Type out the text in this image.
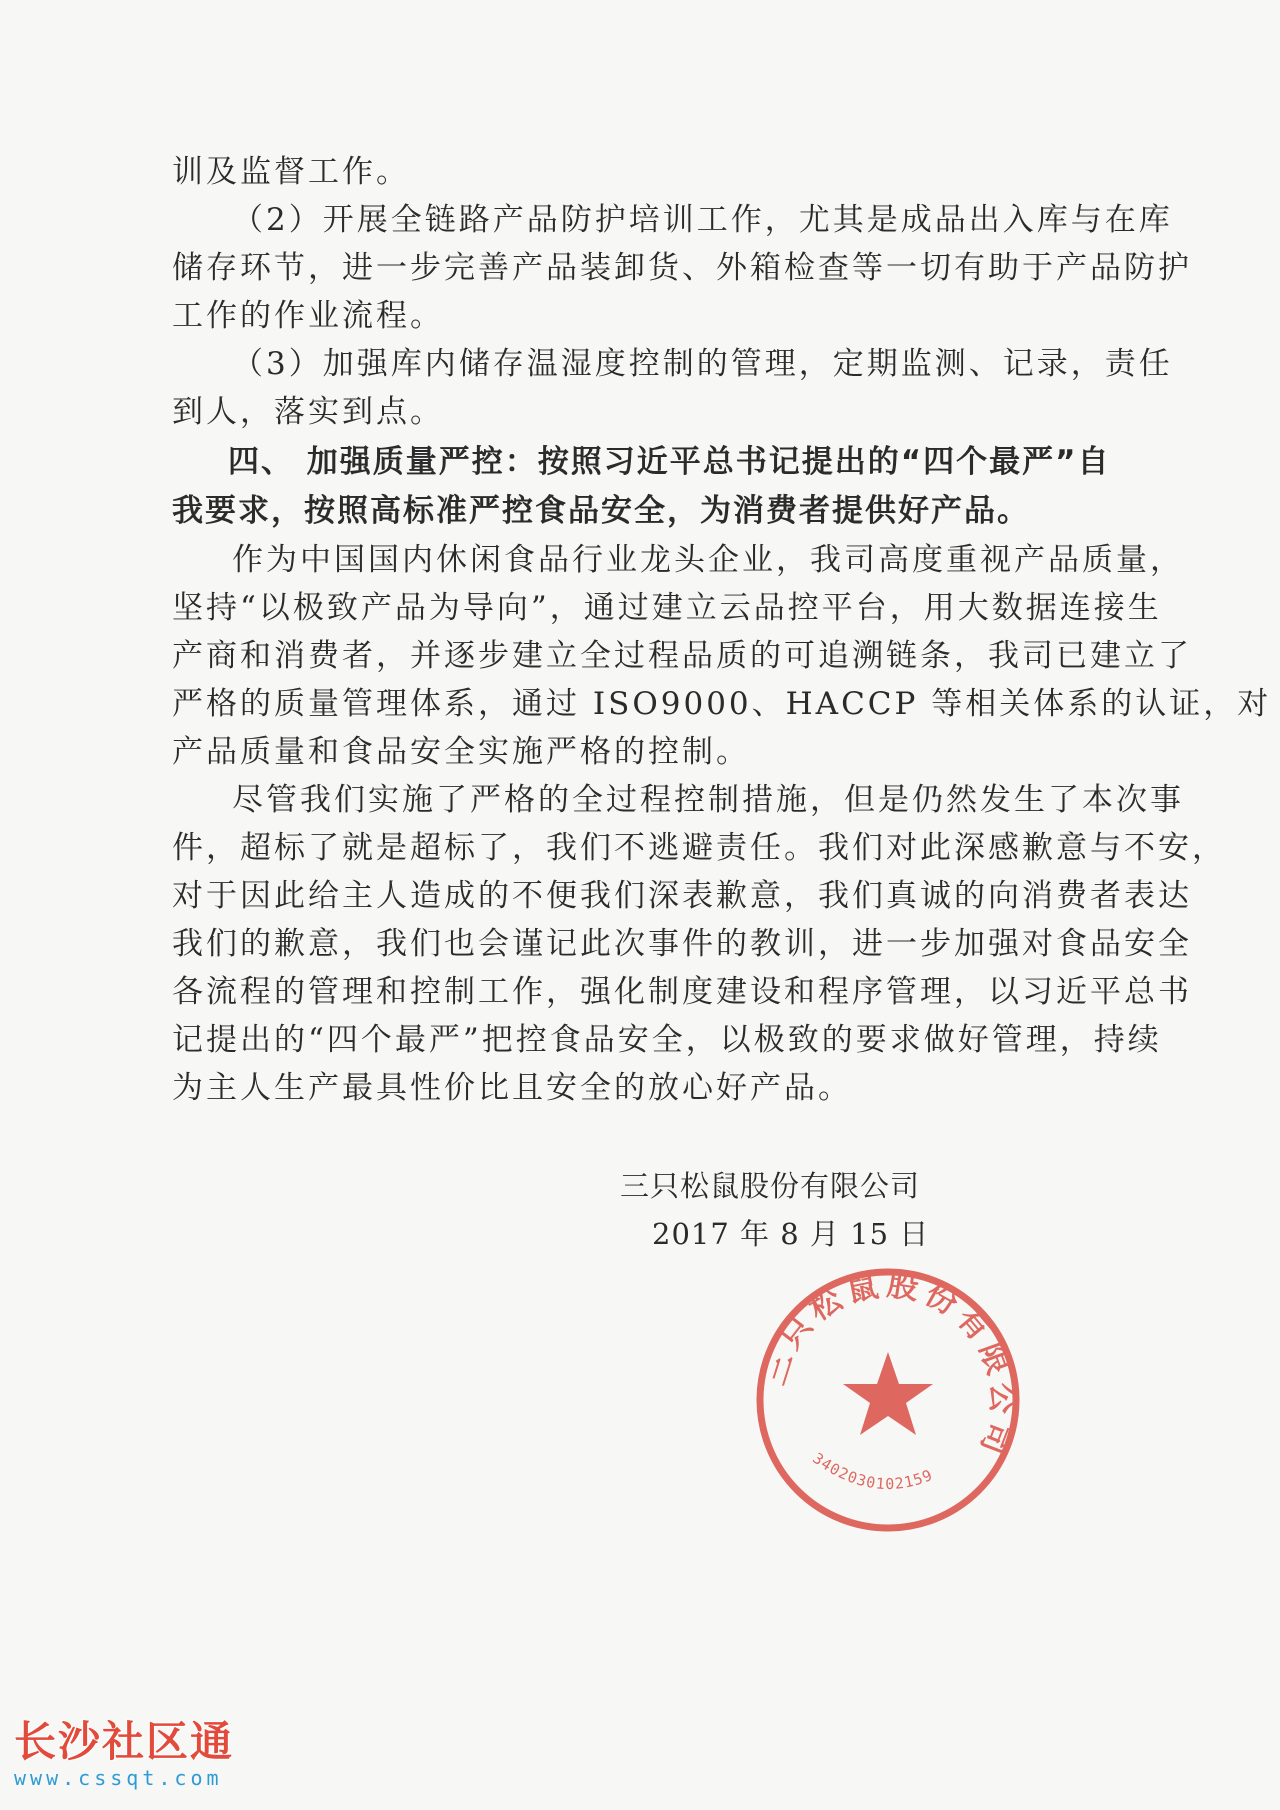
训及监督工作。
（2）开展全链路产品防护培训工作，尤其是成品出入库与在库
储存环节，进一步完善产品装卸货、外箱检查等一切有助于产品防护
工作的作业流程。
（3）加强库内储存温湿度控制的管理，定期监测、记录，责任
到人，落实到点。
四、 加强质量严控：按照习近平总书记提出的“四个最严”自
我要求，按照高标准严控食品安全，为消费者提供好产品。
作为中国国内休闲食品行业龙头企业，我司高度重视产品质量，
坚持“以极致产品为导向”，通过建立云品控平台，用大数据连接生
产商和消费者，并逐步建立全过程品质的可追溯链条，我司已建立了
严格的质量管理体系，通过 ISO9000、HACCP 等相关体系的认证，对
产品质量和食品安全实施严格的控制。
尽管我们实施了严格的全过程控制措施，但是仍然发生了本次事
件，超标了就是超标了，我们不逃避责任。我们对此深感歉意与不安，
对于因此给主人造成的不便我们深表歉意，我们真诚的向消费者表达
我们的歉意，我们也会谨记此次事件的教训，进一步加强对食品安全
各流程的管理和控制工作，强化制度建设和程序管理，以习近平总书
记提出的“四个最严”把控食品安全，以极致的要求做好管理，持续
为主人生产最具性价比且安全的放心好产品。
三只松鼠股份有限公司
3402030102159
三只松鼠股份有限公司
2017 年 8 月 15 日
长沙社区通
www.cssqt.com
